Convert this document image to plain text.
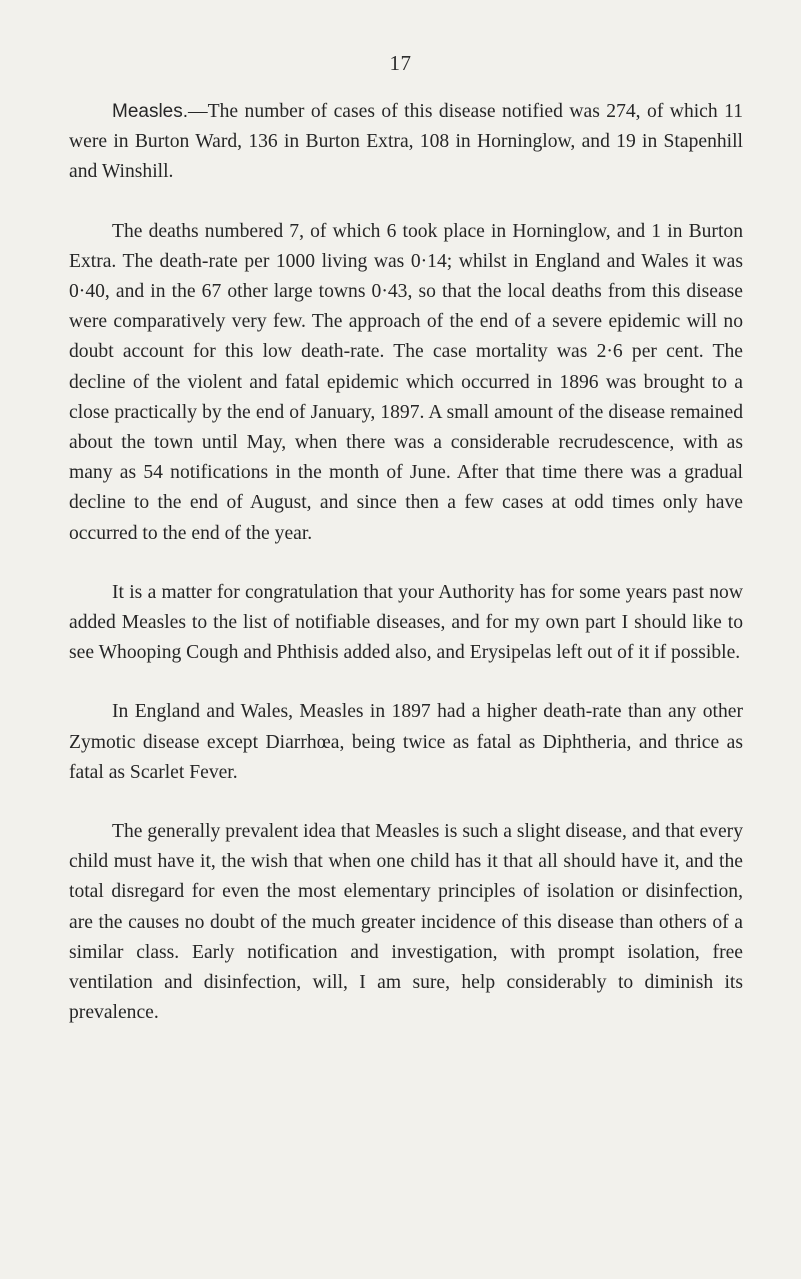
17

Measles.—The number of cases of this disease notified was 274, of which 11 were in Burton Ward, 136 in Burton Extra, 108 in Horninglow, and 19 in Stapenhill and Winshill.

The deaths numbered 7, of which 6 took place in Horninglow, and 1 in Burton Extra. The death-rate per 1000 living was 0·14; whilst in England and Wales it was 0·40, and in the 67 other large towns 0·43, so that the local deaths from this disease were comparatively very few. The approach of the end of a severe epidemic will no doubt account for this low death-rate. The case mortality was 2·6 per cent. The decline of the violent and fatal epidemic which occurred in 1896 was brought to a close practically by the end of January, 1897. A small amount of the disease remained about the town until May, when there was a considerable recrudescence, with as many as 54 notifications in the month of June. After that time there was a gradual decline to the end of August, and since then a few cases at odd times only have occurred to the end of the year.

It is a matter for congratulation that your Authority has for some years past now added Measles to the list of notifiable diseases, and for my own part I should like to see Whooping Cough and Phthisis added also, and Erysipelas left out of it if possible.

In England and Wales, Measles in 1897 had a higher death-rate than any other Zymotic disease except Diarrhœa, being twice as fatal as Diphtheria, and thrice as fatal as Scarlet Fever.

The generally prevalent idea that Measles is such a slight disease, and that every child must have it, the wish that when one child has it that all should have it, and the total disregard for even the most elementary principles of isolation or disinfection, are the causes no doubt of the much greater incidence of this disease than others of a similar class. Early notification and investigation, with prompt isolation, free ventilation and disinfection, will, I am sure, help considerably to diminish its prevalence.
